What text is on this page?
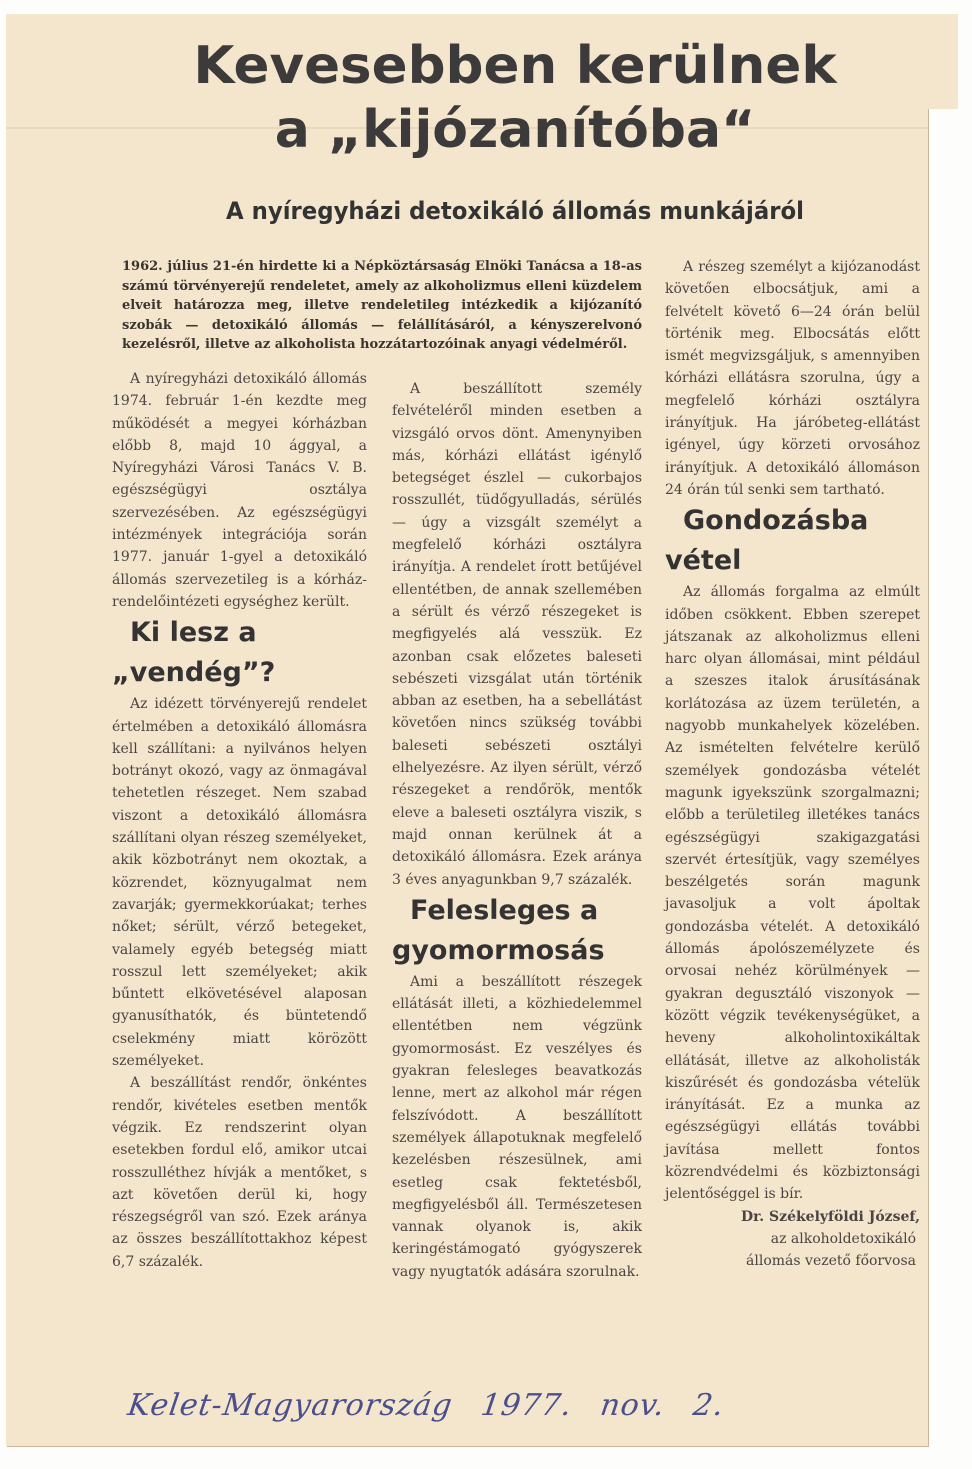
Kevesebben kerülnek
a „kijózanítóba“
A nyíregyházi detoxikáló állomás munkájáról
1962. július 21-én hirdette ki a Népköztársaság Elnöki Tanácsa a 18-as számú törvényerejű rendeletet, amely az alkoholizmus elleni küzdelem elveit határozza meg, illetve rendeletileg intézkedik a kijózanító szobák — detoxikáló állomás — felállításáról, a kényszerelvonó kezelésről, illetve az alkoholista hozzátartozóinak anyagi védelméről.

A nyíregyházi detoxikáló állomás 1974. február 1-én kezdte meg működését a megyei kórházban előbb 8, majd 10 ággyal, a Nyíregyházi Városi Tanács V. B. egészségügyi osztálya szervezésében. Az egészségügyi intézmények integrációja során 1977. január 1-gyel a detoxikáló állomás szervezetileg is a kórház-rendelőintézeti egységhez került.

Ki lesz a „vendég”?

Az idézett törvényerejű rendelet értelmében a detoxikáló állomásra kell szállítani: a nyilvános helyen botrányt okozó, vagy az önmagával tehetetlen részeget. Nem szabad viszont a detoxikáló állomásra szállítani olyan részeg személyeket, akik közbotrányt nem okoztak, a közrendet, köznyugalmat nem zavarják; gyermekkorúakat; terhes nőket; sérült, vérző betegeket, valamely egyéb betegség miatt rosszul lett személyeket; akik bűntett elkövetésével alaposan gyanusíthatók, és büntetendő cselekmény miatt körözött személyeket.

A beszállítást rendőr, önkéntes rendőr, kivételes esetben mentők végzik. Ez rendszerint olyan esetekben fordul elő, amikor utcai rosszulléthez hívják a mentőket, s azt követően derül ki, hogy részegségről van szó. Ezek aránya az összes beszállítottakhoz képest 6,7 százalék.

A beszállított személy felvételéről minden esetben a vizsgáló orvos dönt. Amenynyiben más, kórházi ellátást igénylő betegséget észlel — cukorbajos rosszullét, tüdőgyulladás, sérülés — úgy a vizsgált személyt a megfelelő kórházi osztályra irányítja. A rendelet írott betűjével ellentétben, de annak szellemében a sérült és vérző részegeket is megfigyelés alá vesszük. Ez azonban csak előzetes baleseti sebészeti vizsgálat után történik abban az esetben, ha a sebellátást követően nincs szükség további baleseti sebészeti osztályi elhelyezésre. Az ilyen sérült, vérző részegeket a rendőrök, mentők eleve a baleseti osztályra viszik, s majd onnan kerülnek át a detoxikáló állomásra. Ezek aránya 3 éves anyagunkban 9,7 százalék.

Felesleges a gyomormosás

Ami a beszállított részegek ellátását illeti, a közhiedelemmel ellentétben nem végzünk gyomormosást. Ez veszélyes és gyakran felesleges beavatkozás lenne, mert az alkohol már régen felszívódott. A beszállított személyek állapotuknak megfelelő kezelésben részesülnek, ami esetleg csak fektetésből, megfigyelésből áll. Természetesen vannak olyanok is, akik keringéstámogató gyógyszerek vagy nyugtatók adására szorulnak.

A részeg személyt a kijózanodást követően elbocsátjuk, ami a felvételt követő 6—24 órán belül történik meg. Elbocsátás előtt ismét megvizsgáljuk, s amennyiben kórházi ellátásra szorulna, úgy a megfelelő kórházi osztályra irányítjuk. Ha járóbeteg-ellátást igényel, úgy körzeti orvosához irányítjuk. A detoxikáló állomáson 24 órán túl senki sem tartható.

Gondozásba vétel

Az állomás forgalma az elmúlt időben csökkent. Ebben szerepet játszanak az alkoholizmus elleni harc olyan állomásai, mint például a szeszes italok árusításának korlátozása az üzem területén, a nagyobb munkahelyek közelében. Az ismételten felvételre kerülő személyek gondozásba vételét magunk igyekszünk szorgalmazni; előbb a területileg illetékes tanács egészségügyi szakigazgatási szervét értesítjük, vagy személyes beszélgetés során magunk javasoljuk a volt ápoltak gondozásba vételét. A detoxikáló állomás ápolószemélyzete és orvosai nehéz körülmények — gyakran degusztáló viszonyok — között végzik tevékenységüket, a heveny alkoholintoxikáltak ellátását, illetve az alkoholisták kiszűrését és gondozásba vételük irányítását. Ez a munka az egészségügyi ellátás további javítása mellett fontos közrendvédelmi és közbiztonsági jelentőséggel is bír.

Dr. Székelyföldi József,

az alkoholdetoxikáló

állomás vezető főorvosa

Kelet-Magyarország 1977. nov. 2.
